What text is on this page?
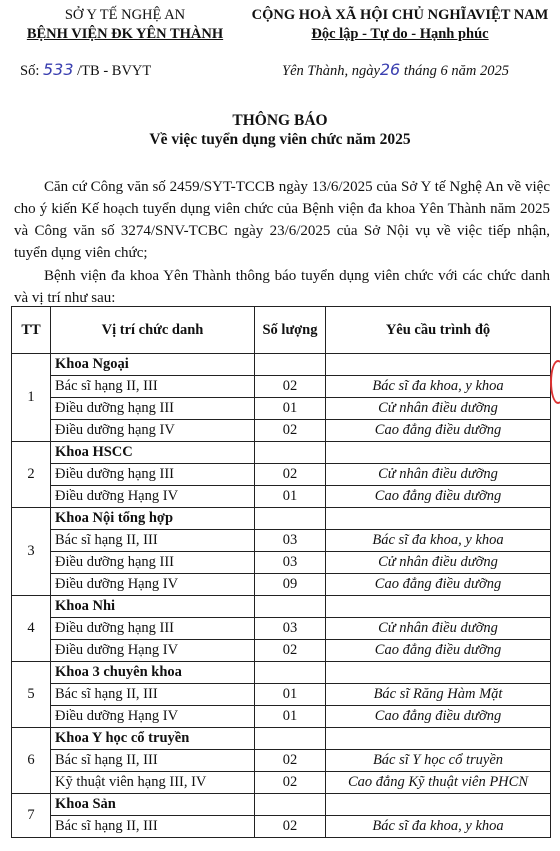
SỞ Y TẾ NGHỆ AN
BỆNH VIỆN ĐK YÊN THÀNH
CỘNG HOÀ XÃ HỘI CHỦ NGHĨAVIỆT NAM
Độc lập - Tự do - Hạnh phúc
Số: 533 /TB - BVYT	Yên Thành, ngày26 tháng 6 năm 2025
THÔNG BÁO
Về việc tuyển dụng viên chức năm 2025

Căn cứ Công văn số 2459/SYT-TCCB ngày 13/6/2025 của Sở Y tế Nghệ An về việc cho ý kiến Kế hoạch tuyển dụng viên chức của Bệnh viện đa khoa Yên Thành năm 2025 và Công văn số 3274/SNV-TCBC ngày 23/6/2025 của Sở Nội vụ về việc tiếp nhận, tuyển dụng viên chức;

Bệnh viện đa khoa Yên Thành thông báo tuyển dụng viên chức với các chức danh và vị trí như sau:

TT	Vị trí chức danh	Số lượng	Yêu cầu trình độ
1	Khoa Ngoại		
	Bác sĩ hạng II, III	02	Bác sĩ đa khoa, y khoa
	Điều dưỡng hạng III	01	Cử nhân điều dưỡng
	Điều dưỡng hạng IV	02	Cao đẳng điều dưỡng
2	Khoa HSCC		
	Điều dưỡng hạng III	02	Cử nhân điều dưỡng
	Điều dưỡng Hạng IV	01	Cao đẳng điều dưỡng
3	Khoa Nội tổng hợp		
	Bác sĩ hạng II, III	03	Bác sĩ đa khoa, y khoa
	Điều dưỡng hạng III	03	Cử nhân điều dưỡng
	Điều dưỡng Hạng IV	09	Cao đẳng điều dưỡng
4	Khoa Nhi		
	Điều dưỡng hạng III	03	Cử nhân điều dưỡng
	Điều dưỡng Hạng IV	02	Cao đẳng điều dưỡng
5	Khoa 3 chuyên khoa		
	Bác sĩ hạng II, III	01	Bác sĩ Răng Hàm Mặt
	Điều dưỡng Hạng IV	01	Cao đẳng điều dưỡng
6	Khoa Y học cổ truyền		
	Bác sĩ hạng II, III	02	Bác sĩ Y học cổ truyền
	Kỹ thuật viên hạng III, IV	02	Cao đẳng Kỹ thuật viên PHCN
7	Khoa Sản		
	Bác sĩ hạng II, III	02	Bác sĩ đa khoa, y khoa
